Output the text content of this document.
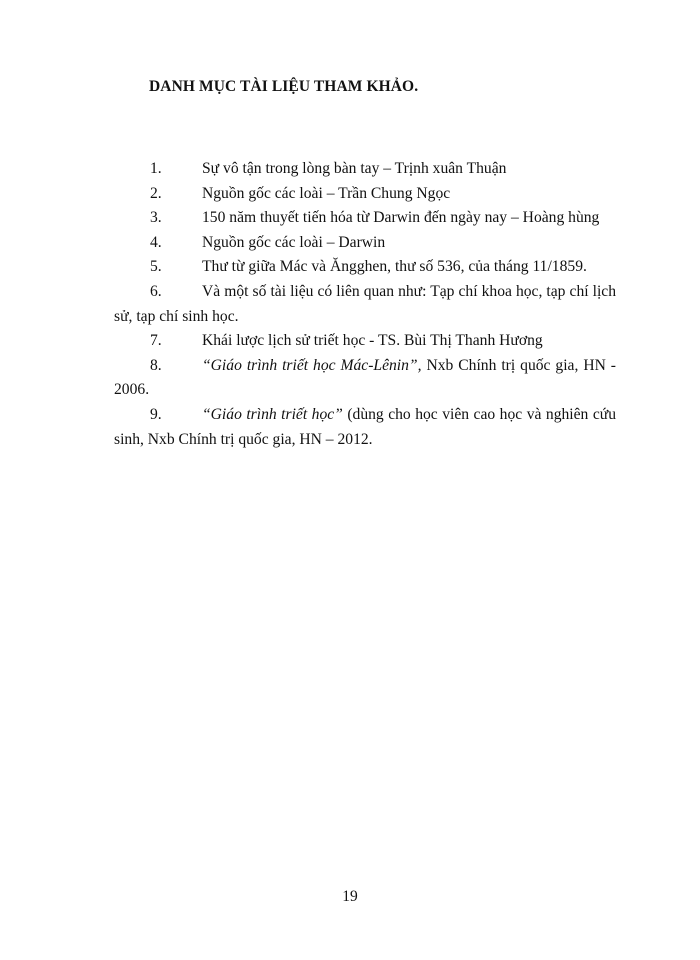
DANH MỤC TÀI LIỆU THAM KHẢO.

1.	Sự vô tận trong lòng bàn tay – Trịnh xuân Thuận

2.	Nguồn gốc các loài – Trần Chung Ngọc

3.	150 năm thuyết tiến hóa từ Darwin đến ngày nay – Hoàng hùng

4.	Nguồn gốc các loài – Darwin

5.	Thư từ giữa Mác và Ăngghen, thư số 536, của tháng 11/1859.

6.	Và một số tài liệu có liên quan như: Tạp chí khoa học, tạp chí lịch sử, tạp chí sinh học.

7.	Khái lược lịch sử triết học - TS. Bùi Thị Thanh Hương

8.	“Giáo trình triết học Mác-Lênin”, Nxb Chính trị quốc gia, HN - 2006.

9.	“Giáo trình triết học” (dùng cho học viên cao học và nghiên cứu sinh, Nxb Chính trị quốc gia, HN – 2012.

19
